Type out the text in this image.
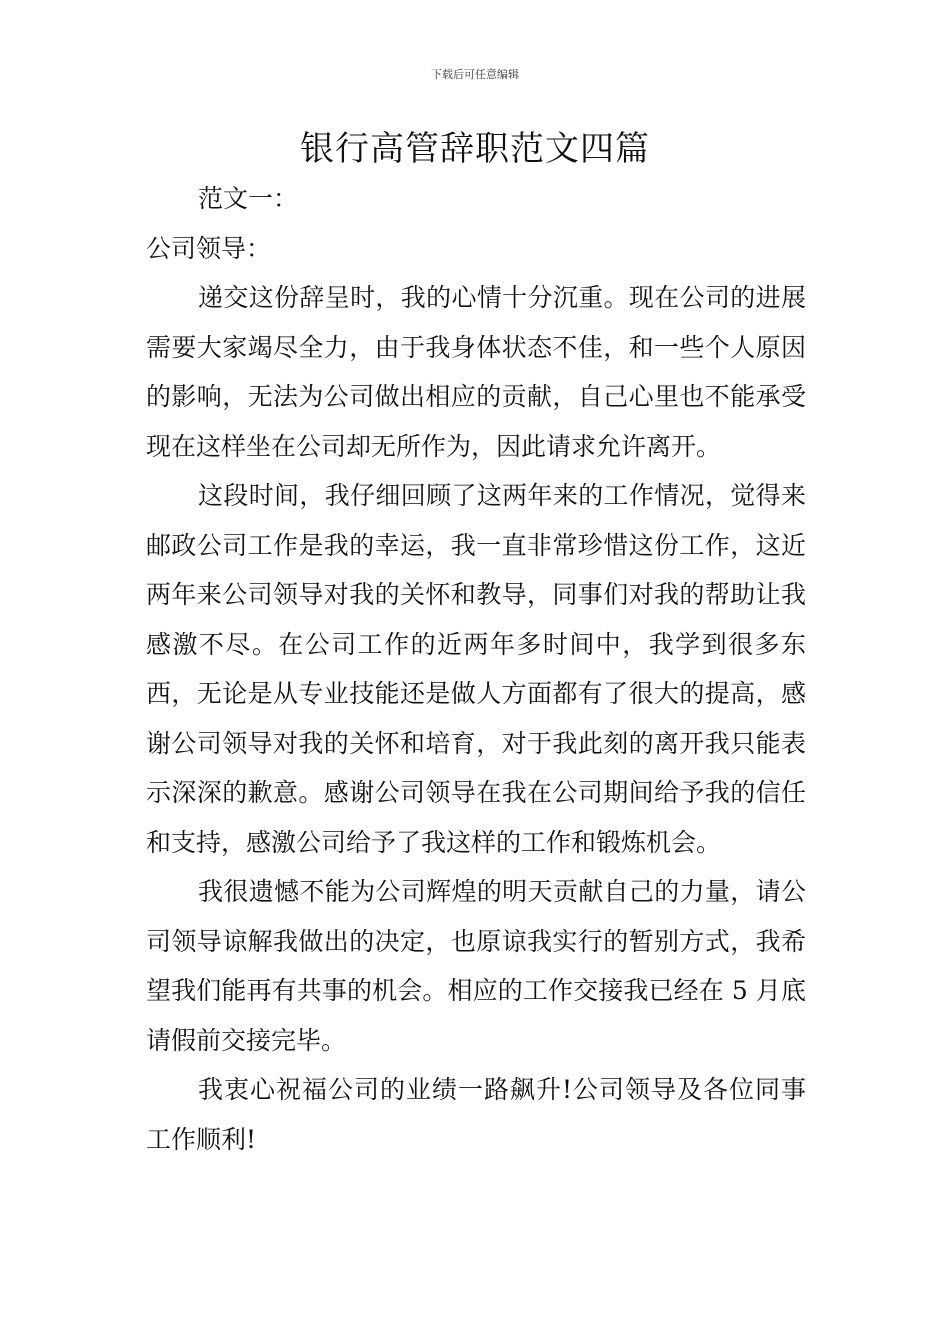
下载后可任意编辑
银行高管辞职范文四篇

范文一：

公司领导：

递交这份辞呈时，我的心情十分沉重。现在公司的进展需要大家竭尽全力，由于我身体状态不佳，和一些个人原因的影响，无法为公司做出相应的贡献，自己心里也不能承受现在这样坐在公司却无所作为，因此请求允许离开。

这段时间，我仔细回顾了这两年来的工作情况，觉得来邮政公司工作是我的幸运，我一直非常珍惜这份工作，这近两年来公司领导对我的关怀和教导，同事们对我的帮助让我感激不尽。在公司工作的近两年多时间中，我学到很多东西，无论是从专业技能还是做人方面都有了很大的提高，感谢公司领导对我的关怀和培育，对于我此刻的离开我只能表示深深的歉意。感谢公司领导在我在公司期间给予我的信任和支持，感激公司给予了我这样的工作和锻炼机会。

我很遗憾不能为公司辉煌的明天贡献自己的力量，请公司领导谅解我做出的决定，也原谅我实行的暂别方式，我希望我们能再有共事的机会。相应的工作交接我已经在 5 月底请假前交接完毕。

我衷心祝福公司的业绩一路飙升!公司领导及各位同事工作顺利!
